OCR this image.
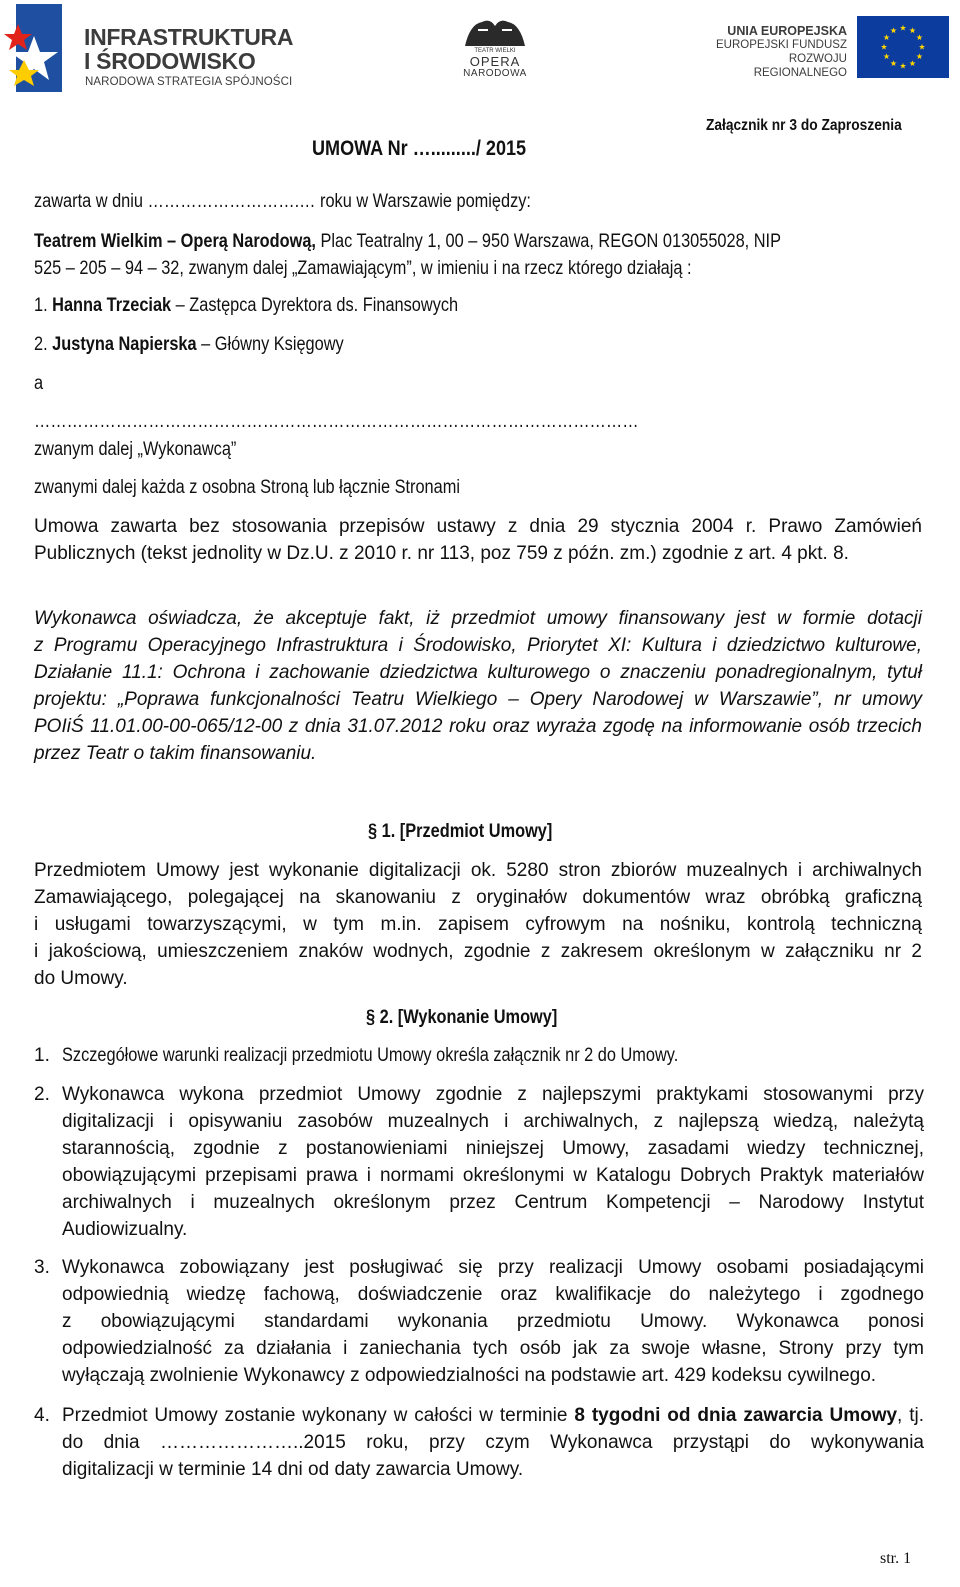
INFRASTRUKTURA
I ŚRODOWISKO
NARODOWA STRATEGIA SPÓJNOŚCI
TEATR WIELKI
OPERA
NARODOWA
UNIA EUROPEJSKA
EUROPEJSKI FUNDUSZ
ROZWOJU REGIONALNEGO
Załącznik nr 3 do Zaproszenia
UMOWA Nr …........./ 2015
zawarta w dniu ……………………….… roku w Warszawie pomiędzy:
Teatrem Wielkim – Operą Narodową, Plac Teatralny 1, 00 – 950 Warszawa, REGON 013055028, NIP
525 – 205 – 94 – 32, zwanym dalej „Zamawiającym”, w imieniu i na rzecz którego działają :
1. Hanna Trzeciak – Zastępca Dyrektora ds. Finansowych
2. Justyna Napierska – Główny Księgowy
a
…………………………………………………………………………………………………
zwanym dalej „Wykonawcą”
zwanymi dalej każda z osobna Stroną lub łącznie Stronami
Umowa zawarta bez stosowania przepisów ustawy z dnia 29 stycznia 2004 r. Prawo Zamówień
Publicznych (tekst jednolity w Dz.U. z 2010 r. nr 113, poz 759 z późn. zm.) zgodnie z art. 4 pkt. 8.
Wykonawca oświadcza, że akceptuje fakt, iż przedmiot umowy finansowany jest w formie dotacji
z Programu Operacyjnego Infrastruktura i Środowisko, Priorytet XI: Kultura i dziedzictwo kulturowe,
Działanie 11.1: Ochrona i zachowanie dziedzictwa kulturowego o znaczeniu ponadregionalnym, tytuł
projektu: „Poprawa funkcjonalności Teatru Wielkiego – Opery Narodowej w Warszawie”, nr umowy
POIiŚ 11.01.00-00-065/12-00 z dnia 31.07.2012 roku oraz wyraża zgodę na informowanie osób trzecich
przez Teatr o takim finansowaniu.
§ 1. [Przedmiot Umowy]
Przedmiotem Umowy jest wykonanie digitalizacji ok. 5280 stron zbiorów muzealnych i archiwalnych
Zamawiającego, polegającej na skanowaniu z oryginałów dokumentów wraz obróbką graficzną
i usługami towarzyszącymi, w tym m.in. zapisem cyfrowym na nośniku, kontrolą techniczną
i jakościową, umieszczeniem znaków wodnych, zgodnie z zakresem określonym w załączniku nr 2
do Umowy.
§ 2. [Wykonanie Umowy]
1. Szczegółowe warunki realizacji przedmiotu Umowy określa załącznik nr 2 do Umowy.
2. Wykonawca wykona przedmiot Umowy zgodnie z najlepszymi praktykami stosowanymi przy
digitalizacji i opisywaniu zasobów muzealnych i archiwalnych, z najlepszą wiedzą, należytą
starannością, zgodnie z postanowieniami niniejszej Umowy, zasadami wiedzy technicznej,
obowiązującymi przepisami prawa i normami określonymi w Katalogu Dobrych Praktyk materiałów
archiwalnych i muzealnych określonym przez Centrum Kompetencji – Narodowy Instytut
Audiowizualny.
3. Wykonawca zobowiązany jest posługiwać się przy realizacji Umowy osobami posiadającymi
odpowiednią wiedzę fachową, doświadczenie oraz kwalifikacje do należytego i zgodnego
z obowiązującymi standardami wykonania przedmiotu Umowy. Wykonawca ponosi
odpowiedzialność za działania i zaniechania tych osób jak za swoje własne, Strony przy tym
wyłączają zwolnienie Wykonawcy z odpowiedzialności na podstawie art. 429 kodeksu cywilnego.
4. Przedmiot Umowy zostanie wykonany w całości w terminie 8 tygodni od dnia zawarcia Umowy, tj.
do dnia …………………..2015 roku, przy czym Wykonawca przystąpi do wykonywania
digitalizacji w terminie 14 dni od daty zawarcia Umowy.
str. 1
